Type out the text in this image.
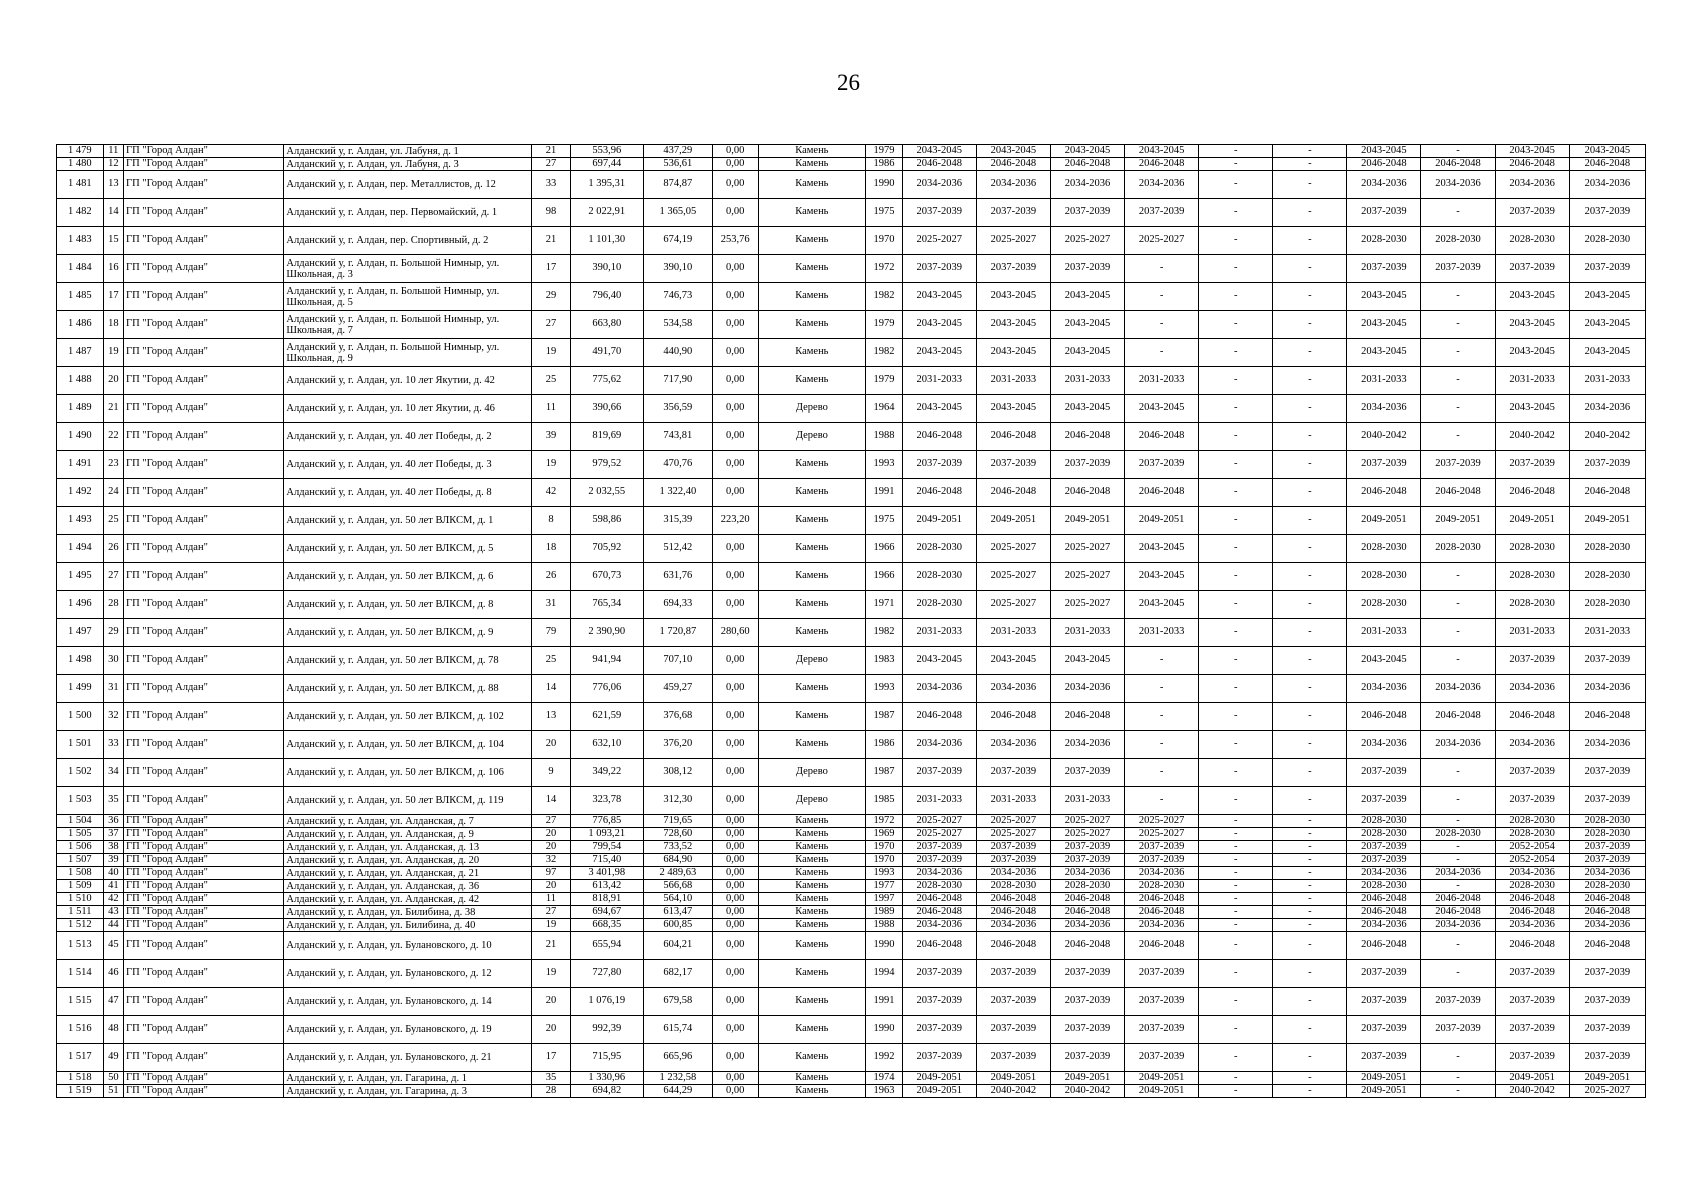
26
1 479	11	ГП "Город Алдан"	Алданский у, г. Алдан, ул. Лабуня, д. 1	21	553,96	437,29	0,00	Камень	1979	2043-2045	2043-2045	2043-2045	2043-2045	-	-	2043-2045	-	2043-2045	2043-2045
1 480	12	ГП "Город Алдан"	Алданский у, г. Алдан, ул. Лабуня, д. 3	27	697,44	536,61	0,00	Камень	1986	2046-2048	2046-2048	2046-2048	2046-2048	-	-	2046-2048	2046-2048	2046-2048	2046-2048
1 481	13	ГП "Город Алдан"	Алданский у, г. Алдан, пер. Металлистов, д. 12	33	1 395,31	874,87	0,00	Камень	1990	2034-2036	2034-2036	2034-2036	2034-2036	-	-	2034-2036	2034-2036	2034-2036	2034-2036
1 482	14	ГП "Город Алдан"	Алданский у, г. Алдан, пер. Первомайский, д. 1	98	2 022,91	1 365,05	0,00	Камень	1975	2037-2039	2037-2039	2037-2039	2037-2039	-	-	2037-2039	-	2037-2039	2037-2039
1 483	15	ГП "Город Алдан"	Алданский у, г. Алдан, пер. Спортивный, д. 2	21	1 101,30	674,19	253,76	Камень	1970	2025-2027	2025-2027	2025-2027	2025-2027	-	-	2028-2030	2028-2030	2028-2030	2028-2030
1 484	16	ГП "Город Алдан"	Алданский у, г. Алдан, п. Большой Нимныр, ул. Школьная, д. 3	17	390,10	390,10	0,00	Камень	1972	2037-2039	2037-2039	2037-2039	-	-	-	2037-2039	2037-2039	2037-2039	2037-2039
1 485	17	ГП "Город Алдан"	Алданский у, г. Алдан, п. Большой Нимныр, ул. Школьная, д. 5	29	796,40	746,73	0,00	Камень	1982	2043-2045	2043-2045	2043-2045	-	-	-	2043-2045	-	2043-2045	2043-2045
1 486	18	ГП "Город Алдан"	Алданский у, г. Алдан, п. Большой Нимныр, ул. Школьная, д. 7	27	663,80	534,58	0,00	Камень	1979	2043-2045	2043-2045	2043-2045	-	-	-	2043-2045	-	2043-2045	2043-2045
1 487	19	ГП "Город Алдан"	Алданский у, г. Алдан, п. Большой Нимныр, ул. Школьная, д. 9	19	491,70	440,90	0,00	Камень	1982	2043-2045	2043-2045	2043-2045	-	-	-	2043-2045	-	2043-2045	2043-2045
1 488	20	ГП "Город Алдан"	Алданский у, г. Алдан, ул. 10 лет Якутии, д. 42	25	775,62	717,90	0,00	Камень	1979	2031-2033	2031-2033	2031-2033	2031-2033	-	-	2031-2033	-	2031-2033	2031-2033
1 489	21	ГП "Город Алдан"	Алданский у, г. Алдан, ул. 10 лет Якутии, д. 46	11	390,66	356,59	0,00	Дерево	1964	2043-2045	2043-2045	2043-2045	2043-2045	-	-	2034-2036	-	2043-2045	2034-2036
1 490	22	ГП "Город Алдан"	Алданский у, г. Алдан, ул. 40 лет Победы, д. 2	39	819,69	743,81	0,00	Дерево	1988	2046-2048	2046-2048	2046-2048	2046-2048	-	-	2040-2042	-	2040-2042	2040-2042
1 491	23	ГП "Город Алдан"	Алданский у, г. Алдан, ул. 40 лет Победы, д. 3	19	979,52	470,76	0,00	Камень	1993	2037-2039	2037-2039	2037-2039	2037-2039	-	-	2037-2039	2037-2039	2037-2039	2037-2039
1 492	24	ГП "Город Алдан"	Алданский у, г. Алдан, ул. 40 лет Победы, д. 8	42	2 032,55	1 322,40	0,00	Камень	1991	2046-2048	2046-2048	2046-2048	2046-2048	-	-	2046-2048	2046-2048	2046-2048	2046-2048
1 493	25	ГП "Город Алдан"	Алданский у, г. Алдан, ул. 50 лет ВЛКСМ, д. 1	8	598,86	315,39	223,20	Камень	1975	2049-2051	2049-2051	2049-2051	2049-2051	-	-	2049-2051	2049-2051	2049-2051	2049-2051
1 494	26	ГП "Город Алдан"	Алданский у, г. Алдан, ул. 50 лет ВЛКСМ, д. 5	18	705,92	512,42	0,00	Камень	1966	2028-2030	2025-2027	2025-2027	2043-2045	-	-	2028-2030	2028-2030	2028-2030	2028-2030
1 495	27	ГП "Город Алдан"	Алданский у, г. Алдан, ул. 50 лет ВЛКСМ, д. 6	26	670,73	631,76	0,00	Камень	1966	2028-2030	2025-2027	2025-2027	2043-2045	-	-	2028-2030	-	2028-2030	2028-2030
1 496	28	ГП "Город Алдан"	Алданский у, г. Алдан, ул. 50 лет ВЛКСМ, д. 8	31	765,34	694,33	0,00	Камень	1971	2028-2030	2025-2027	2025-2027	2043-2045	-	-	2028-2030	-	2028-2030	2028-2030
1 497	29	ГП "Город Алдан"	Алданский у, г. Алдан, ул. 50 лет ВЛКСМ, д. 9	79	2 390,90	1 720,87	280,60	Камень	1982	2031-2033	2031-2033	2031-2033	2031-2033	-	-	2031-2033	-	2031-2033	2031-2033
1 498	30	ГП "Город Алдан"	Алданский у, г. Алдан, ул. 50 лет ВЛКСМ, д. 78	25	941,94	707,10	0,00	Дерево	1983	2043-2045	2043-2045	2043-2045	-	-	-	2043-2045	-	2037-2039	2037-2039
1 499	31	ГП "Город Алдан"	Алданский у, г. Алдан, ул. 50 лет ВЛКСМ, д. 88	14	776,06	459,27	0,00	Камень	1993	2034-2036	2034-2036	2034-2036	-	-	-	2034-2036	2034-2036	2034-2036	2034-2036
1 500	32	ГП "Город Алдан"	Алданский у, г. Алдан, ул. 50 лет ВЛКСМ, д. 102	13	621,59	376,68	0,00	Камень	1987	2046-2048	2046-2048	2046-2048	-	-	-	2046-2048	2046-2048	2046-2048	2046-2048
1 501	33	ГП "Город Алдан"	Алданский у, г. Алдан, ул. 50 лет ВЛКСМ, д. 104	20	632,10	376,20	0,00	Камень	1986	2034-2036	2034-2036	2034-2036	-	-	-	2034-2036	2034-2036	2034-2036	2034-2036
1 502	34	ГП "Город Алдан"	Алданский у, г. Алдан, ул. 50 лет ВЛКСМ, д. 106	9	349,22	308,12	0,00	Дерево	1987	2037-2039	2037-2039	2037-2039	-	-	-	2037-2039	-	2037-2039	2037-2039
1 503	35	ГП "Город Алдан"	Алданский у, г. Алдан, ул. 50 лет ВЛКСМ, д. 119	14	323,78	312,30	0,00	Дерево	1985	2031-2033	2031-2033	2031-2033	-	-	-	2037-2039	-	2037-2039	2037-2039
1 504	36	ГП "Город Алдан"	Алданский у, г. Алдан, ул. Алданская, д. 7	27	776,85	719,65	0,00	Камень	1972	2025-2027	2025-2027	2025-2027	2025-2027	-	-	2028-2030	-	2028-2030	2028-2030
1 505	37	ГП "Город Алдан"	Алданский у, г. Алдан, ул. Алданская, д. 9	20	1 093,21	728,60	0,00	Камень	1969	2025-2027	2025-2027	2025-2027	2025-2027	-	-	2028-2030	2028-2030	2028-2030	2028-2030
1 506	38	ГП "Город Алдан"	Алданский у, г. Алдан, ул. Алданская, д. 13	20	799,54	733,52	0,00	Камень	1970	2037-2039	2037-2039	2037-2039	2037-2039	-	-	2037-2039	-	2052-2054	2037-2039
1 507	39	ГП "Город Алдан"	Алданский у, г. Алдан, ул. Алданская, д. 20	32	715,40	684,90	0,00	Камень	1970	2037-2039	2037-2039	2037-2039	2037-2039	-	-	2037-2039	-	2052-2054	2037-2039
1 508	40	ГП "Город Алдан"	Алданский у, г. Алдан, ул. Алданская, д. 21	97	3 401,98	2 489,63	0,00	Камень	1993	2034-2036	2034-2036	2034-2036	2034-2036	-	-	2034-2036	2034-2036	2034-2036	2034-2036
1 509	41	ГП "Город Алдан"	Алданский у, г. Алдан, ул. Алданская, д. 36	20	613,42	566,68	0,00	Камень	1977	2028-2030	2028-2030	2028-2030	2028-2030	-	-	2028-2030	-	2028-2030	2028-2030
1 510	42	ГП "Город Алдан"	Алданский у, г. Алдан, ул. Алданская, д. 42	11	818,91	564,10	0,00	Камень	1997	2046-2048	2046-2048	2046-2048	2046-2048	-	-	2046-2048	2046-2048	2046-2048	2046-2048
1 511	43	ГП "Город Алдан"	Алданский у, г. Алдан, ул. Билибина, д. 38	27	694,67	613,47	0,00	Камень	1989	2046-2048	2046-2048	2046-2048	2046-2048	-	-	2046-2048	2046-2048	2046-2048	2046-2048
1 512	44	ГП "Город Алдан"	Алданский у, г. Алдан, ул. Билибина, д. 40	19	668,35	600,85	0,00	Камень	1988	2034-2036	2034-2036	2034-2036	2034-2036	-	-	2034-2036	2034-2036	2034-2036	2034-2036
1 513	45	ГП "Город Алдан"	Алданский у, г. Алдан, ул. Булановского, д. 10	21	655,94	604,21	0,00	Камень	1990	2046-2048	2046-2048	2046-2048	2046-2048	-	-	2046-2048	-	2046-2048	2046-2048
1 514	46	ГП "Город Алдан"	Алданский у, г. Алдан, ул. Булановского, д. 12	19	727,80	682,17	0,00	Камень	1994	2037-2039	2037-2039	2037-2039	2037-2039	-	-	2037-2039	-	2037-2039	2037-2039
1 515	47	ГП "Город Алдан"	Алданский у, г. Алдан, ул. Булановского, д. 14	20	1 076,19	679,58	0,00	Камень	1991	2037-2039	2037-2039	2037-2039	2037-2039	-	-	2037-2039	2037-2039	2037-2039	2037-2039
1 516	48	ГП "Город Алдан"	Алданский у, г. Алдан, ул. Булановского, д. 19	20	992,39	615,74	0,00	Камень	1990	2037-2039	2037-2039	2037-2039	2037-2039	-	-	2037-2039	2037-2039	2037-2039	2037-2039
1 517	49	ГП "Город Алдан"	Алданский у, г. Алдан, ул. Булановского, д. 21	17	715,95	665,96	0,00	Камень	1992	2037-2039	2037-2039	2037-2039	2037-2039	-	-	2037-2039	-	2037-2039	2037-2039
1 518	50	ГП "Город Алдан"	Алданский у, г. Алдан, ул. Гагарина, д. 1	35	1 330,96	1 232,58	0,00	Камень	1974	2049-2051	2049-2051	2049-2051	2049-2051	-	-	2049-2051	-	2049-2051	2049-2051
1 519	51	ГП "Город Алдан"	Алданский у, г. Алдан, ул. Гагарина, д. 3	28	694,82	644,29	0,00	Камень	1963	2049-2051	2040-2042	2040-2042	2049-2051	-	-	2049-2051	-	2040-2042	2025-2027
